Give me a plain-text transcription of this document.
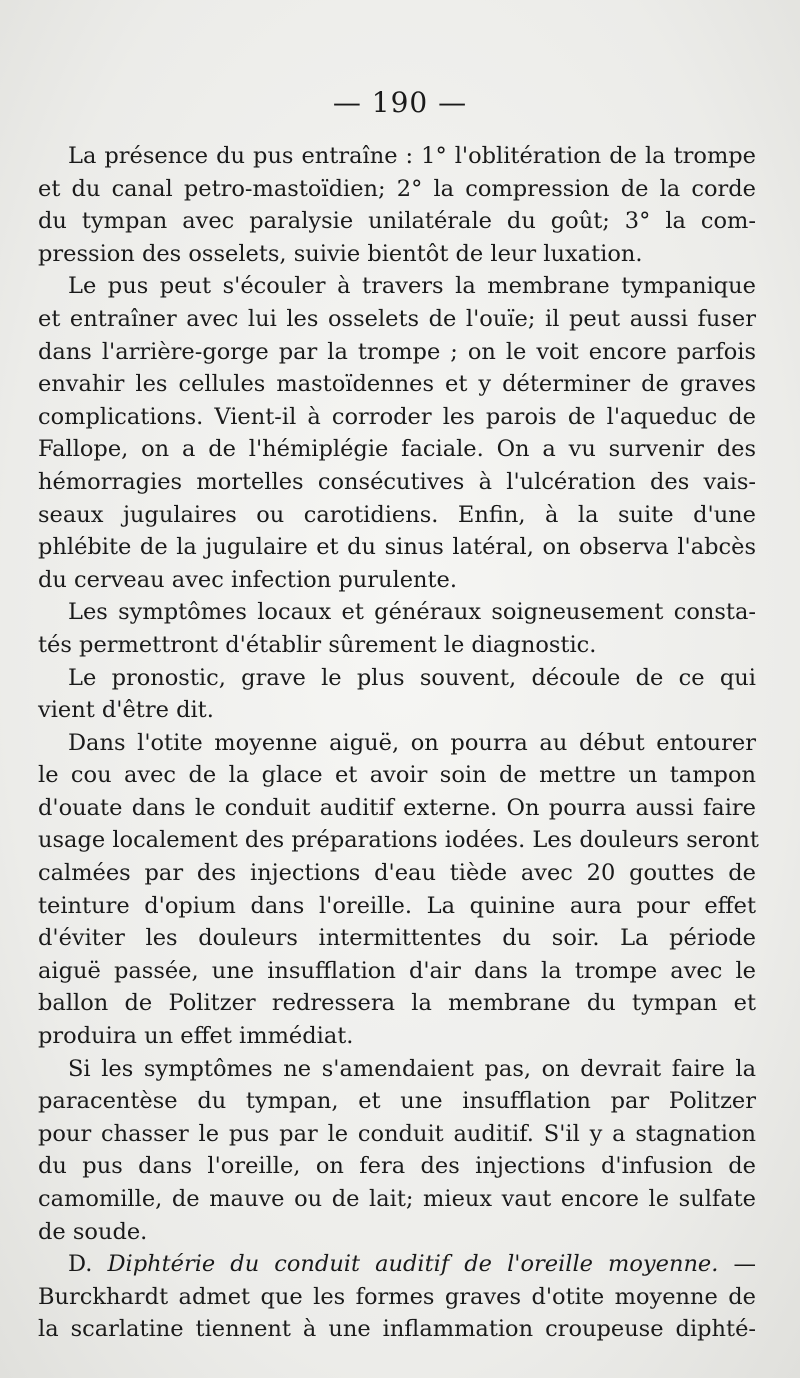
— 190 —
La présence du pus entraîne : 1° l'oblitération de la trompe
et du canal petro-mastoïdien; 2° la compression de la corde
du tympan avec paralysie unilatérale du goût; 3° la com-
pression des osselets, suivie bientôt de leur luxation.
Le pus peut s'écouler à travers la membrane tympanique
et entraîner avec lui les osselets de l'ouïe; il peut aussi fuser
dans l'arrière-gorge par la trompe ; on le voit encore parfois
envahir les cellules mastoïdennes et y déterminer de graves
complications. Vient-il à corroder les parois de l'aqueduc de
Fallope, on a de l'hémiplégie faciale. On a vu survenir des
hémorragies mortelles consécutives à l'ulcération des vais-
seaux jugulaires ou carotidiens. Enfin, à la suite d'une
phlébite de la jugulaire et du sinus latéral, on observa l'abcès
du cerveau avec infection purulente.
Les symptômes locaux et généraux soigneusement consta-
tés permettront d'établir sûrement le diagnostic.
Le pronostic, grave le plus souvent, découle de ce qui
vient d'être dit.
Dans l'otite moyenne aiguë, on pourra au début entourer
le cou avec de la glace et avoir soin de mettre un tampon
d'ouate dans le conduit auditif externe. On pourra aussi faire
usage localement des préparations iodées. Les douleurs seront
calmées par des injections d'eau tiède avec 20 gouttes de
teinture d'opium dans l'oreille. La quinine aura pour effet
d'éviter les douleurs intermittentes du soir. La période
aiguë passée, une insufflation d'air dans la trompe avec le
ballon de Politzer redressera la membrane du tympan et
produira un effet immédiat.
Si les symptômes ne s'amendaient pas, on devrait faire la
paracentèse du tympan, et une insufflation par Politzer
pour chasser le pus par le conduit auditif. S'il y a stagnation
du pus dans l'oreille, on fera des injections d'infusion de
camomille, de mauve ou de lait; mieux vaut encore le sulfate
de soude.
D. Diphtérie du conduit auditif de l'oreille moyenne. —
Burckhardt admet que les formes graves d'otite moyenne de
la scarlatine tiennent à une inflammation croupeuse diphté-
